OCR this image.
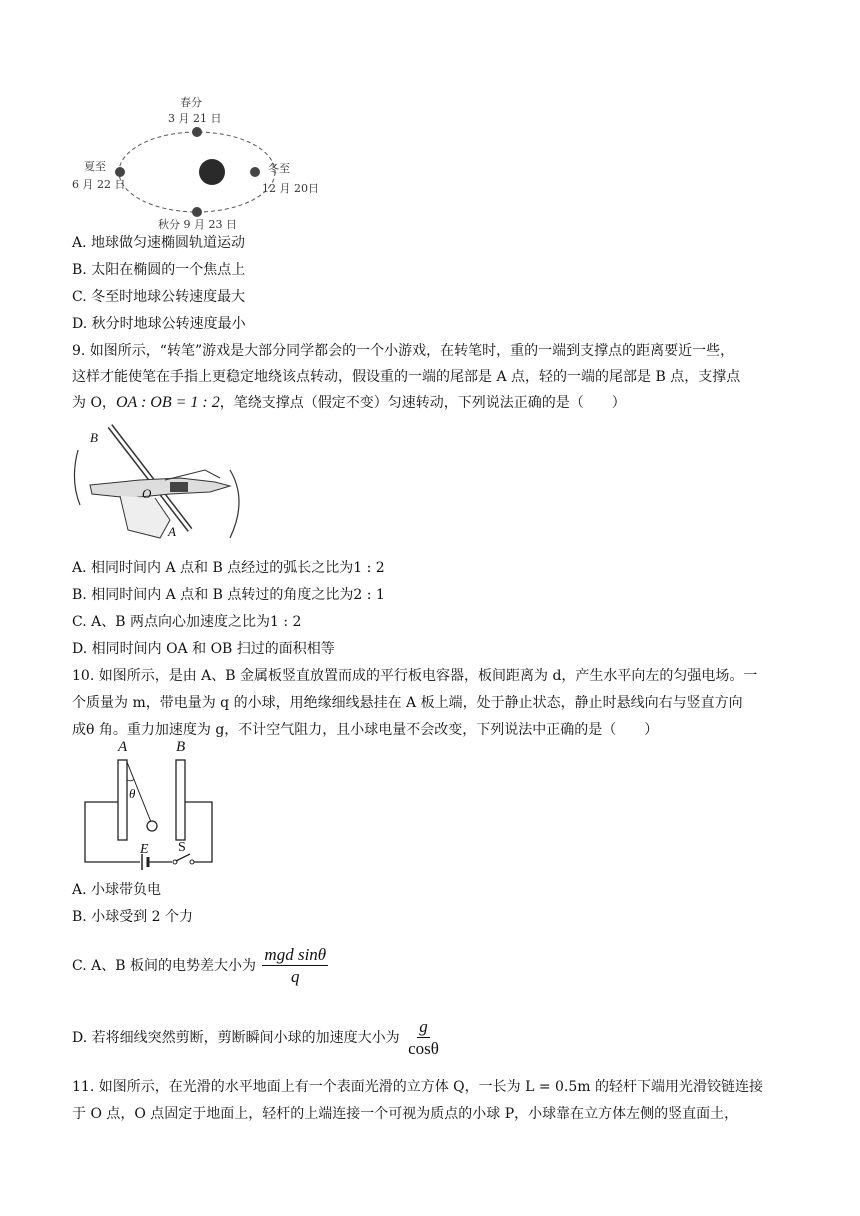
春分
3 月 21 日
夏至
6 月 22 日
冬至
12 月 20日
秋分 9 月 23 日
A. 地球做匀速椭圆轨道运动
B. 太阳在椭圆的一个焦点上
C. 冬至时地球公转速度最大
D. 秋分时地球公转速度最小
9. 如图所示，“转笔”游戏是大部分同学都会的一个小游戏，在转笔时，重的一端到支撑点的距离要近一些，
这样才能使笔在手指上更稳定地绕该点转动，假设重的一端的尾部是 A 点，轻的一端的尾部是 B 点，支撑点
为 O，OA : OB = 1 : 2，笔绕支撑点（假定不变）匀速转动，下列说法正确的是（　　）
B
O
A
A. 相同时间内 A 点和 B 点经过的弧长之比为1 : 2
B. 相同时间内 A 点和 B 点转过的角度之比为2 : 1
C. A、B 两点向心加速度之比为1 : 2
D. 相同时间内 OA 和 OB 扫过的面积相等
10. 如图所示，是由 A、B 金属板竖直放置而成的平行板电容器，板间距离为 d，产生水平向左的匀强电场。一
个质量为 m，带电量为 q 的小球，用绝缘细线悬挂在 A 板上端，处于静止状态，静止时悬线向右与竖直方向
成θ 角。重力加速度为 g，不计空气阻力，且小球电量不会改变，下列说法中正确的是（　　）
A	B
θ
E S
A. 小球带负电
B. 小球受到 2 个力
C. A、B 板间的电势差大小为 $\frac{\text{mgd sinθ}}{q}$
D. 若将细线突然剪断，剪断瞬间小球的加速度大小为 $\frac{g}{\cos\theta}$
11. 如图所示，在光滑的水平地面上有一个表面光滑的立方体 Q，一长为 L = 0.5m 的轻杆下端用光滑铰链连接
于 O 点，O 点固定于地面上，轻杆的上端连接一个可视为质点的小球 P，小球靠在立方体左侧的竖直面土，
